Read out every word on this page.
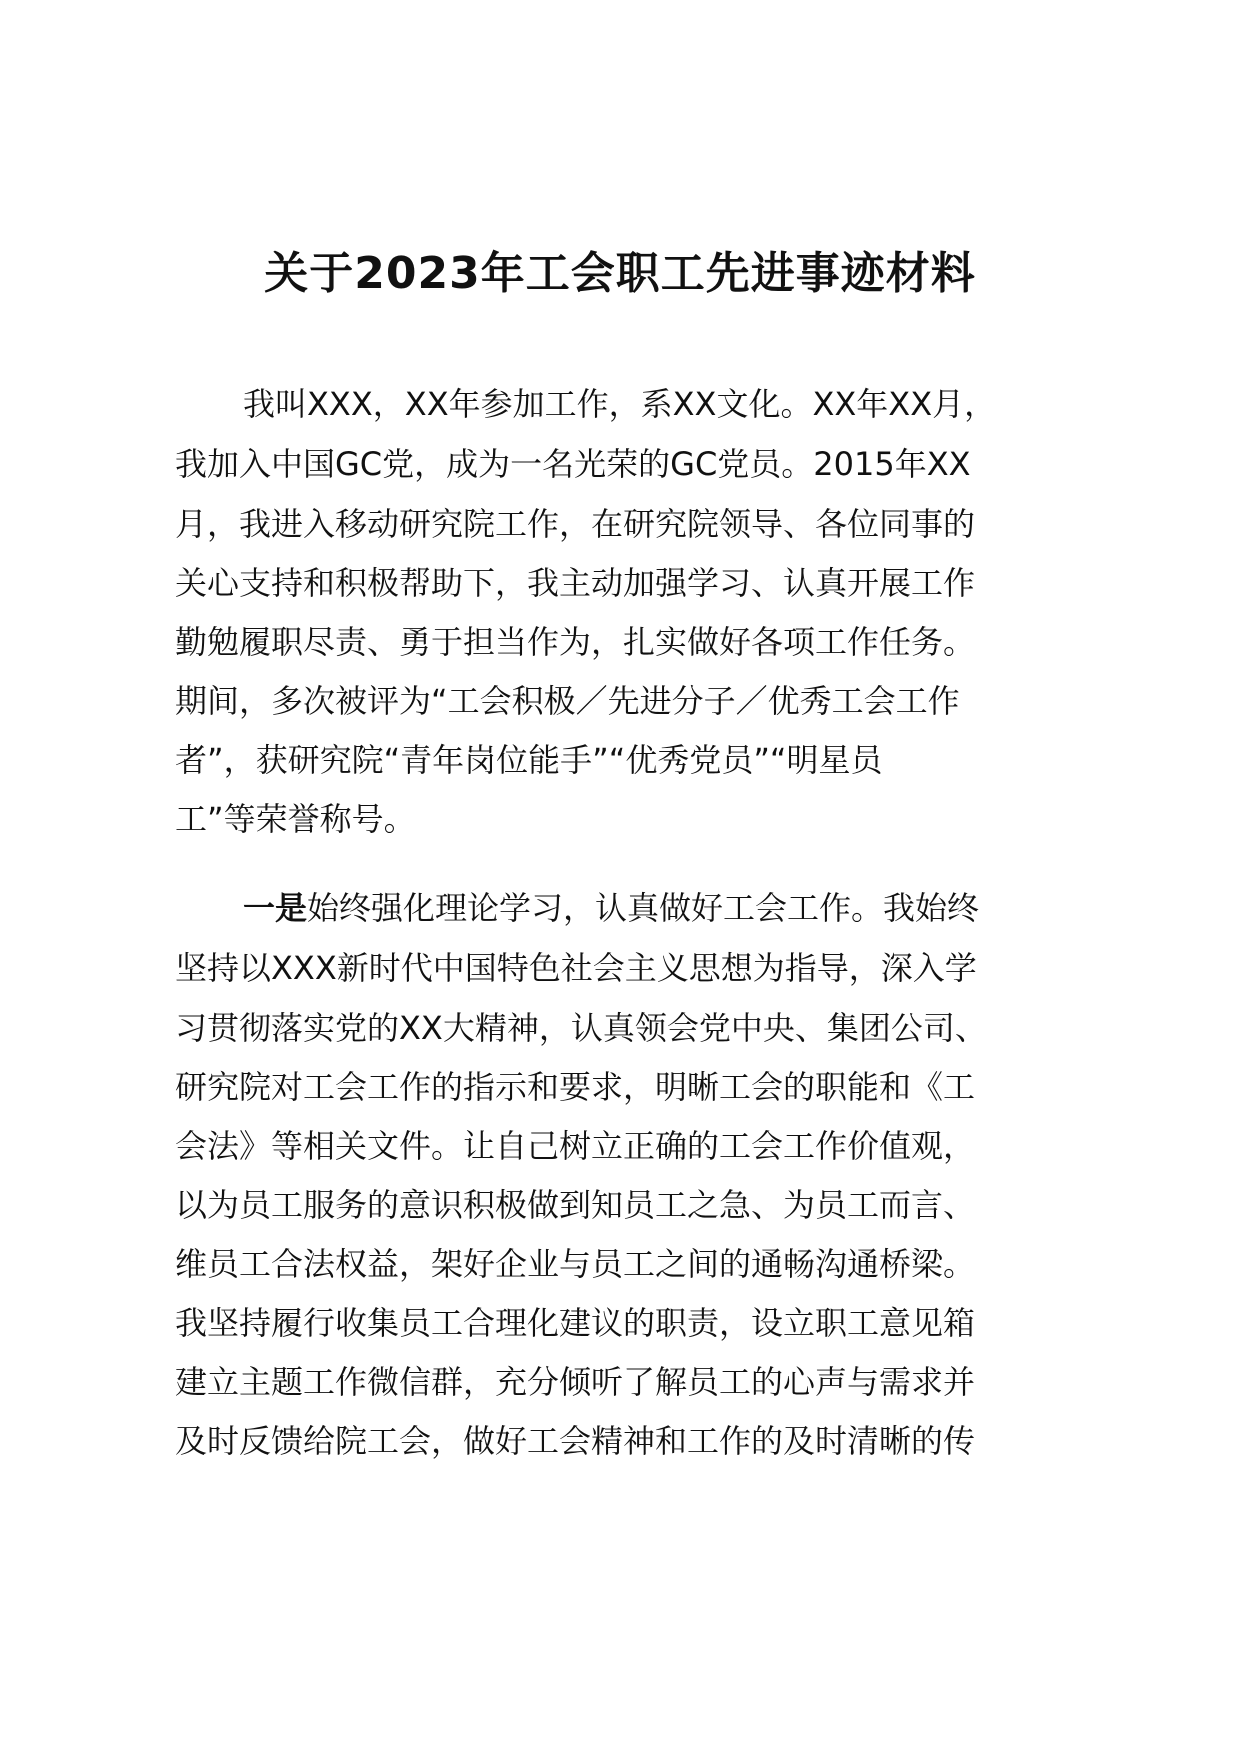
关于2023年工会职工先进事迹材料
我叫XXX，XX年参加工作，系XX文化。XX年XX月，
我加入中国GC党，成为一名光荣的GC党员。2015年XX
月，我进入移动研究院工作，在研究院领导、各位同事的
关心支持和积极帮助下，我主动加强学习、认真开展工作
勤勉履职尽责、勇于担当作为，扎实做好各项工作任务。
期间，多次被评为“工会积极／先进分子／优秀工会工作
者”，获研究院“青年岗位能手”“优秀党员”“明星员
工”等荣誉称号。
一是始终强化理论学习，认真做好工会工作。我始终
坚持以XXX新时代中国特色社会主义思想为指导，深入学
习贯彻落实党的XX大精神，认真领会党中央、集团公司、
研究院对工会工作的指示和要求，明晰工会的职能和《工
会法》等相关文件。让自己树立正确的工会工作价值观，
以为员工服务的意识积极做到知员工之急、为员工而言、
维员工合法权益，架好企业与员工之间的通畅沟通桥梁。
我坚持履行收集员工合理化建议的职责，设立职工意见箱
建立主题工作微信群，充分倾听了解员工的心声与需求并
及时反馈给院工会，做好工会精神和工作的及时清晰的传
